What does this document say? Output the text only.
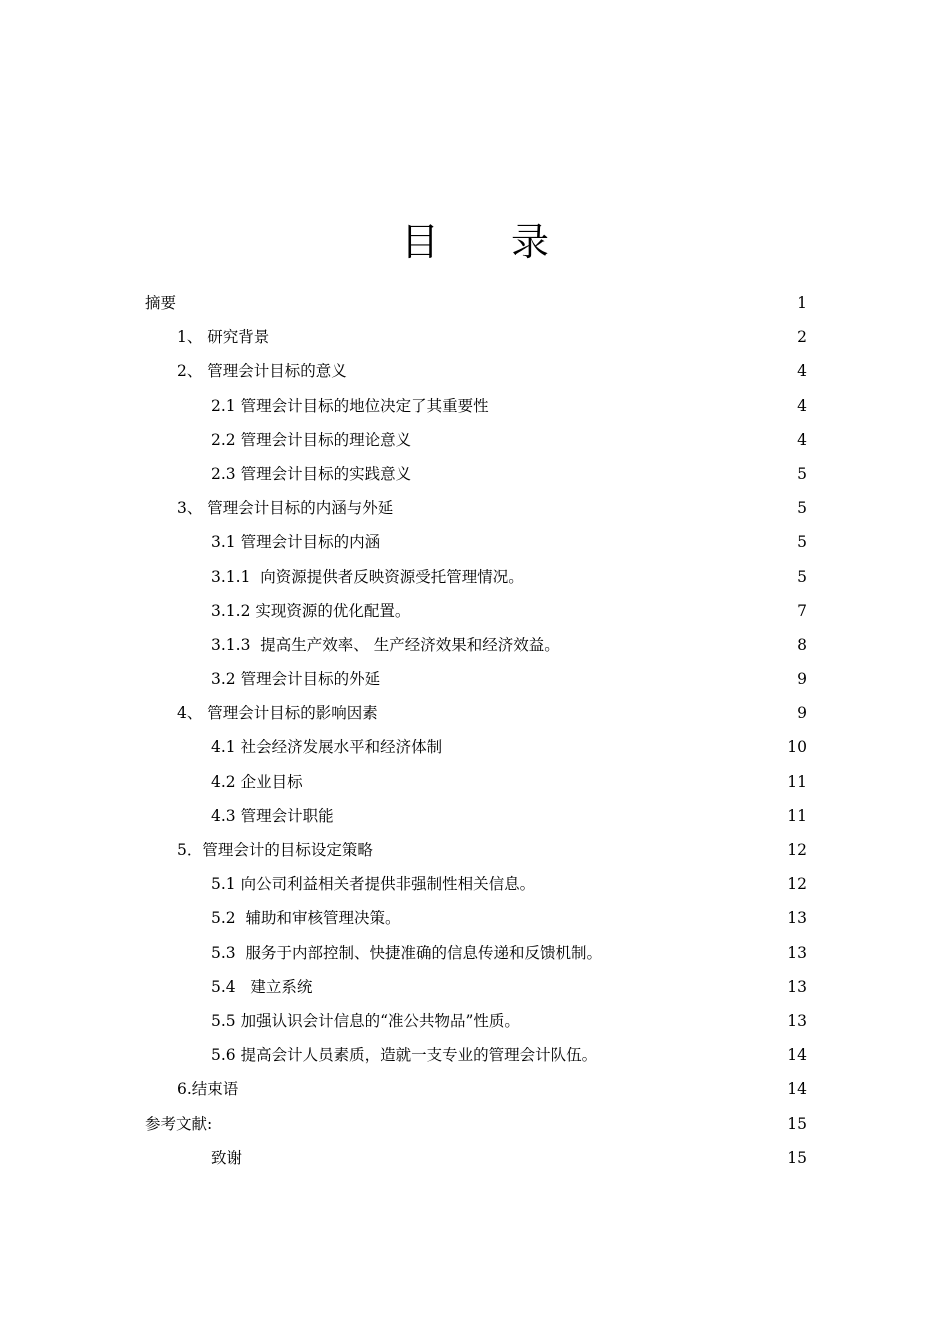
目录
摘要	1
1、 研究背景	2
2、 管理会计目标的意义	4
2.1 管理会计目标的地位决定了其重要性	4
2.2 管理会计目标的理论意义	4
2.3 管理会计目标的实践意义	5
3、 管理会计目标的内涵与外延	5
3.1 管理会计目标的内涵	5
3.1.1  向资源提供者反映资源受托管理情况。	5
3.1.2 实现资源的优化配置。	7
3.1.3  提高生产效率、 生产经济效果和经济效益。	8
3.2 管理会计目标的外延	9
4、 管理会计目标的影响因素	9
4.1 社会经济发展水平和经济体制	10
4.2 企业目标	11
4.3 管理会计职能	11
5．管理会计的目标设定策略	12
5.1 向公司利益相关者提供非强制性相关信息。	12
5.2  辅助和审核管理决策。	13
5.3  服务于内部控制、快捷准确的信息传递和反馈机制。	13
5.4   建立系统	13
5.5 加强认识会计信息的“准公共物品”性质。	13
5.6 提高会计人员素质，造就一支专业的管理会计队伍。	14
6.结束语	14
参考文献:	15
致谢	15
